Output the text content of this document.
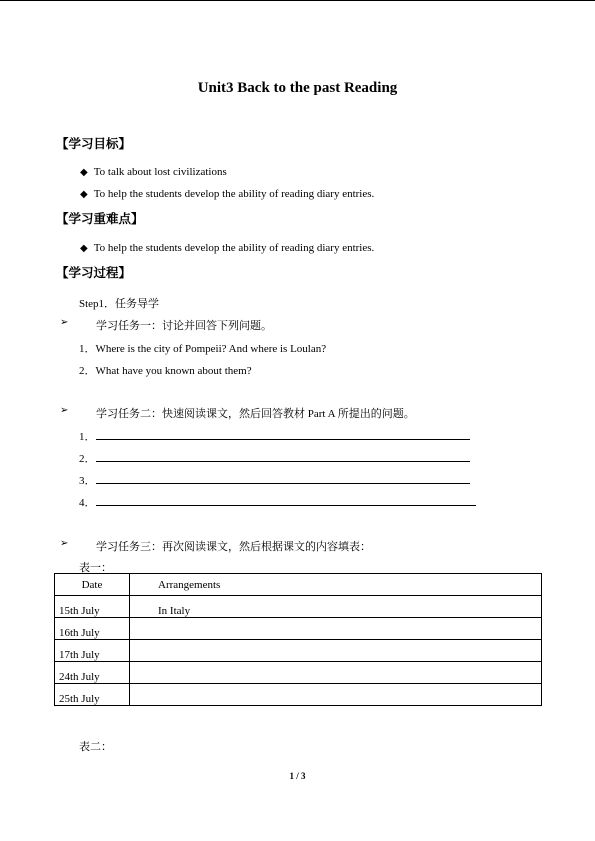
Unit3 Back to the past Reading
【学习目标】
◆ To talk about lost civilizations
◆ To help the students develop the ability of reading diary entries.
【学习重难点】
◆ To help the students develop the ability of reading diary entries.
【学习过程】
Step1．任务导学
➢	学习任务一：讨论并回答下列问题。
1．Where is the city of Pompeii? And where is Loulan?
2．What have you known about them?
➢	学习任务二：快速阅读课文，然后回答教材 Part A 所提出的问题。
1．
2．
3．
4．
➢	学习任务三：再次阅读课文，然后根据课文的内容填表：
表一：
Date	Arrangements
15th July	In Italy
16th July	
17th July	
24th July	
25th July	
表二：
1 / 3
